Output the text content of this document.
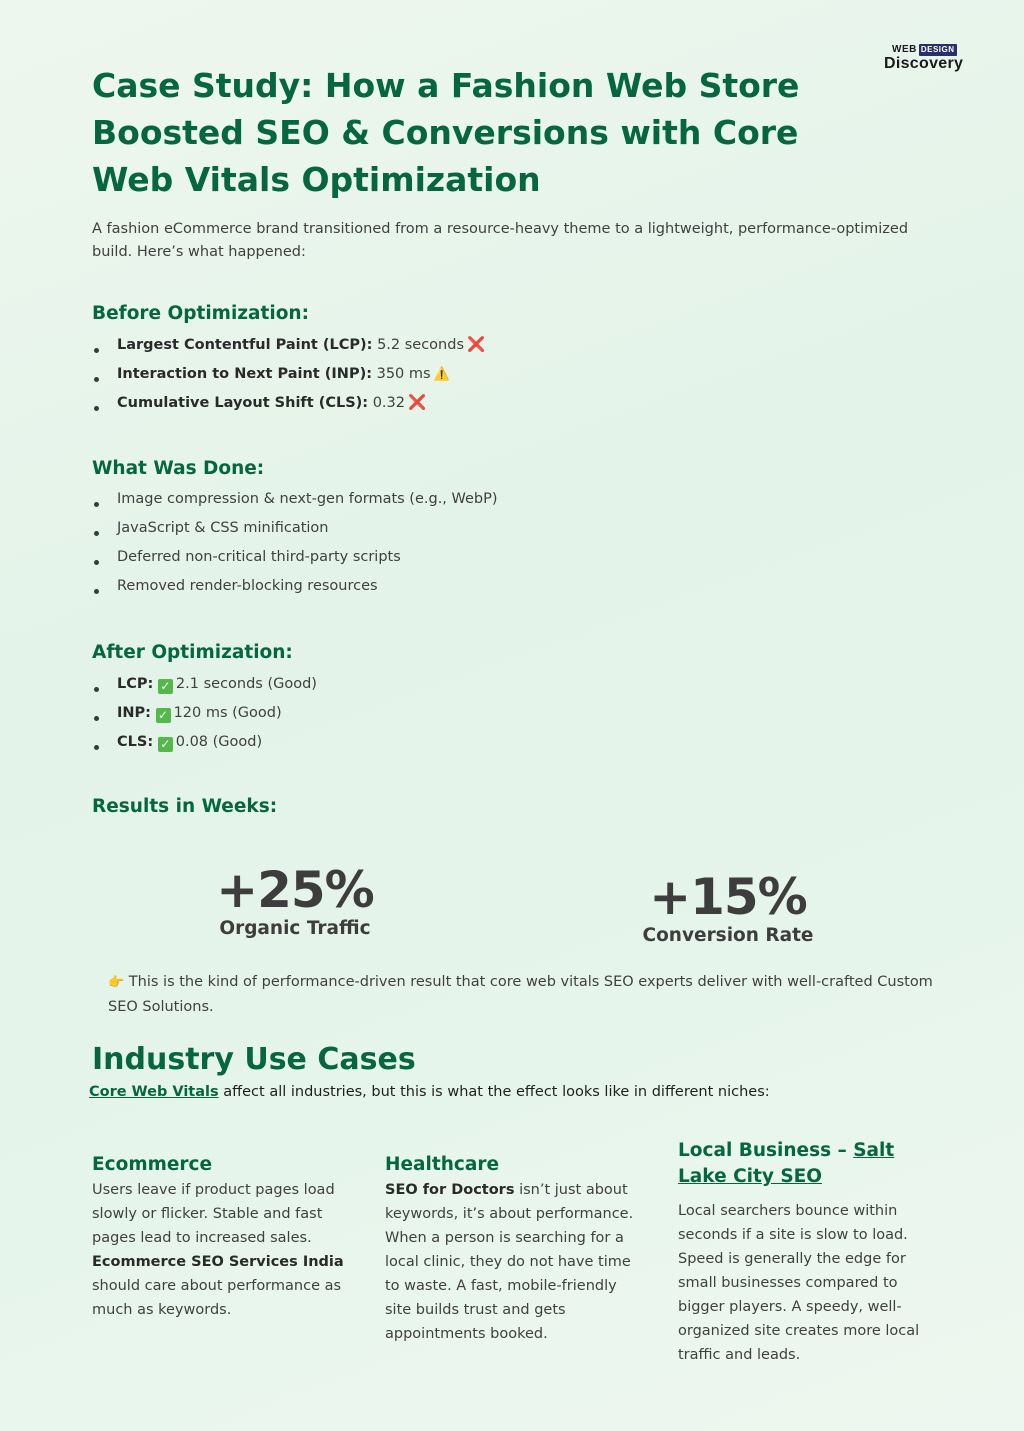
WEB DESIGN
Discovery
Case Study: How a Fashion Web Store Boosted SEO & Conversions with Core Web Vitals Optimization

A fashion eCommerce brand transitioned from a resource-heavy theme to a lightweight, performance-optimized build. Here’s what happened:

Before Optimization:
Largest Contentful Paint (LCP): 5.2 seconds ❌
Interaction to Next Paint (INP): 350 ms ⚠️
Cumulative Layout Shift (CLS): 0.32 ❌
What Was Done:
Image compression & next-gen formats (e.g., WebP)
JavaScript & CSS minification
Deferred non-critical third-party scripts
Removed render-blocking resources
After Optimization:
LCP: ✓ 2.1 seconds (Good)
INP: ✓ 120 ms (Good)
CLS: ✓ 0.08 (Good)
Results in Weeks:
+25%
Organic Traffic
+15%
Conversion Rate

👉 This is the kind of performance-driven result that core web vitals SEO experts deliver with well-crafted Custom SEO Solutions.

Industry Use Cases

Core Web Vitals affect all industries, but this is what the effect looks like in different niches:

Ecommerce

Users leave if product pages load slowly or flicker. Stable and fast pages lead to increased sales. Ecommerce SEO Services India should care about performance as much as keywords.

Healthcare

SEO for Doctors isn’t just about keywords, it’s about performance. When a person is searching for a local clinic, they do not have time to waste. A fast, mobile-friendly site builds trust and gets appointments booked.

Local Business – Salt Lake City SEO

Local searchers bounce within seconds if a site is slow to load. Speed is generally the edge for small businesses compared to bigger players. A speedy, well-organized site creates more local traffic and leads.
